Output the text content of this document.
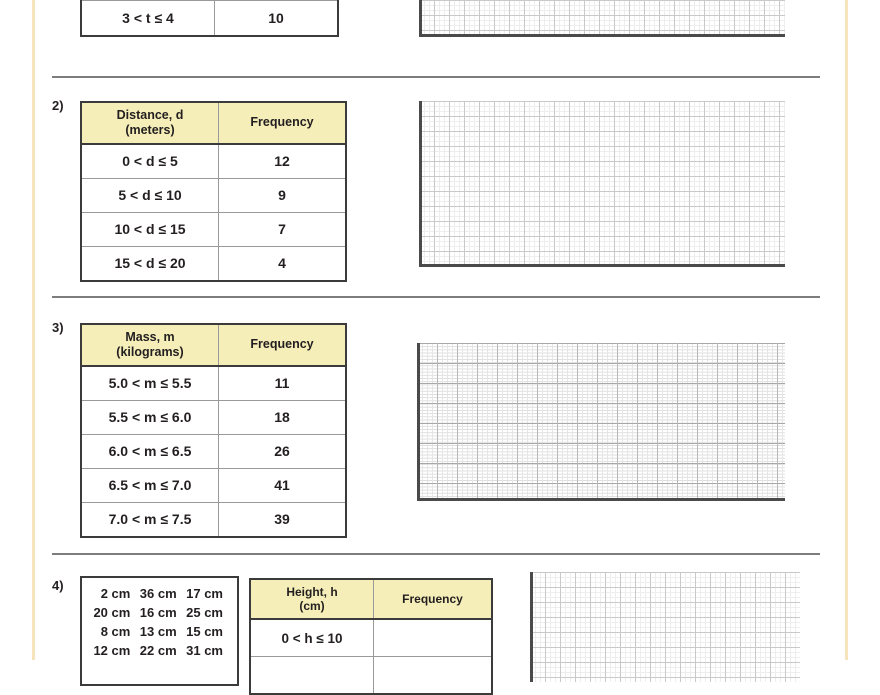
3 < t ≤ 4	10
2)
Distance, d
(meters)	Frequency
0 < d ≤ 5	12
5 < d ≤ 10	9
10 < d ≤ 15	7
15 < d ≤ 20	4
3)
Mass, m
(kilograms)	Frequency
5.0 < m ≤ 5.5	11
5.5 < m ≤ 6.0	18
6.0 < m ≤ 6.5	26
6.5 < m ≤ 7.0	41
7.0 < m ≤ 7.5	39
4)
2 cm	36 cm	17 cm
20 cm	16 cm	25 cm
8 cm	13 cm	15 cm
12 cm	22 cm	31 cm
Height, h
(cm)	Frequency
0 < h ≤ 10	
